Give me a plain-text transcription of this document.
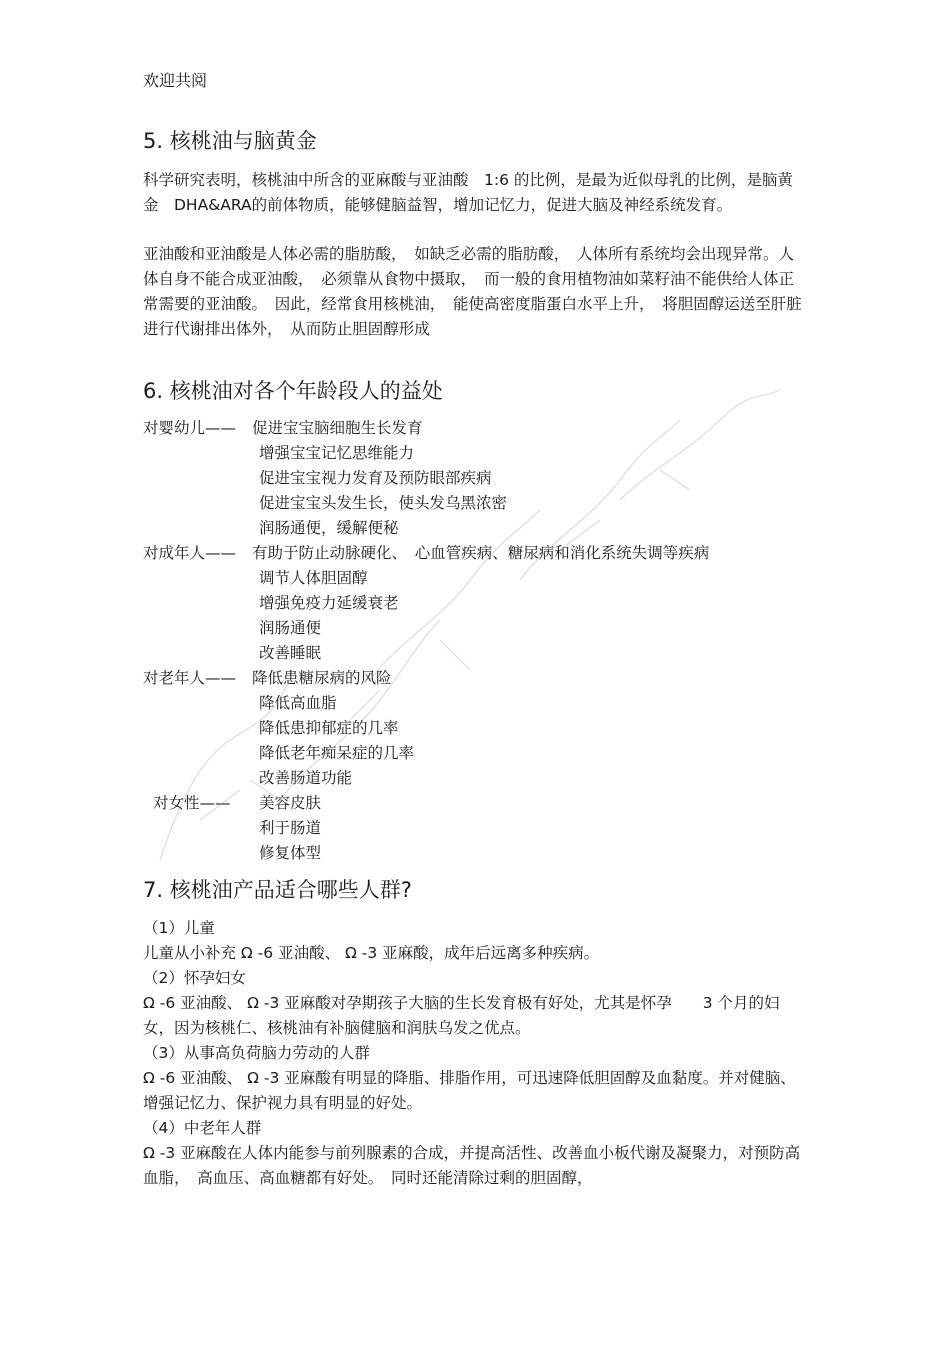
欢迎共阅
5. 核桃油与脑黄金

科学研究表明，核桃油中所含的亚麻酸与亚油酸　1:6 的比例，是最为近似母乳的比例，是脑黄金　DHA&ARA的前体物质，能够健脑益智，增加记忆力，促进大脑及神经系统发育。

亚油酸和亚油酸是人体必需的脂肪酸，　如缺乏必需的脂肪酸，　人体所有系统均会出现异常。人体自身不能合成亚油酸，　必须靠从食物中摄取，　而一般的食用植物油如菜籽油不能供给人体正常需要的亚油酸。　因此，经常食用核桃油，　能使高密度脂蛋白水平上升，　将胆固醇运送至肝脏进行代谢排出体外，　从而防止胆固醇形成

6. 核桃油对各个年龄段人的益处
对婴幼儿—— 促进宝宝脑细胞生长发育
增强宝宝记忆思维能力
促进宝宝视力发育及预防眼部疾病
促进宝宝头发生长，使头发乌黑浓密
润肠通便，缓解便秘
对成年人—— 有助于防止动脉硬化、　心血管疾病、糖尿病和消化系统失调等疾病
调节人体胆固醇
增强免疫力延缓衰老
润肠通便
改善睡眠
对老年人—— 降低患糖尿病的风险
降低高血脂
降低患抑郁症的几率
降低老年痴呆症的几率
改善肠道功能
对女性—— 美容皮肤
利于肠道
修复体型
7. 核桃油产品适合哪些人群?
（1）儿童

儿童从小补充 Ω -6 亚油酸、 Ω -3 亚麻酸，成年后远离多种疾病。

（2）怀孕妇女

Ω -6 亚油酸、 Ω -3 亚麻酸对孕期孩子大脑的生长发育极有好处，尤其是怀孕　　3 个月的妇女，因为核桃仁、核桃油有补脑健脑和润肤乌发之优点。

（3）从事高负荷脑力劳动的人群

Ω -6 亚油酸、 Ω -3 亚麻酸有明显的降脂、排脂作用，可迅速降低胆固醇及血黏度。并对健脑、增强记忆力、保护视力具有明显的好处。

（4）中老年人群

Ω -3 亚麻酸在人体内能参与前列腺素的合成，并提高活性、改善血小板代谢及凝聚力，对预防高血脂，　高血压、高血糖都有好处。　同时还能清除过剩的胆固醇，
